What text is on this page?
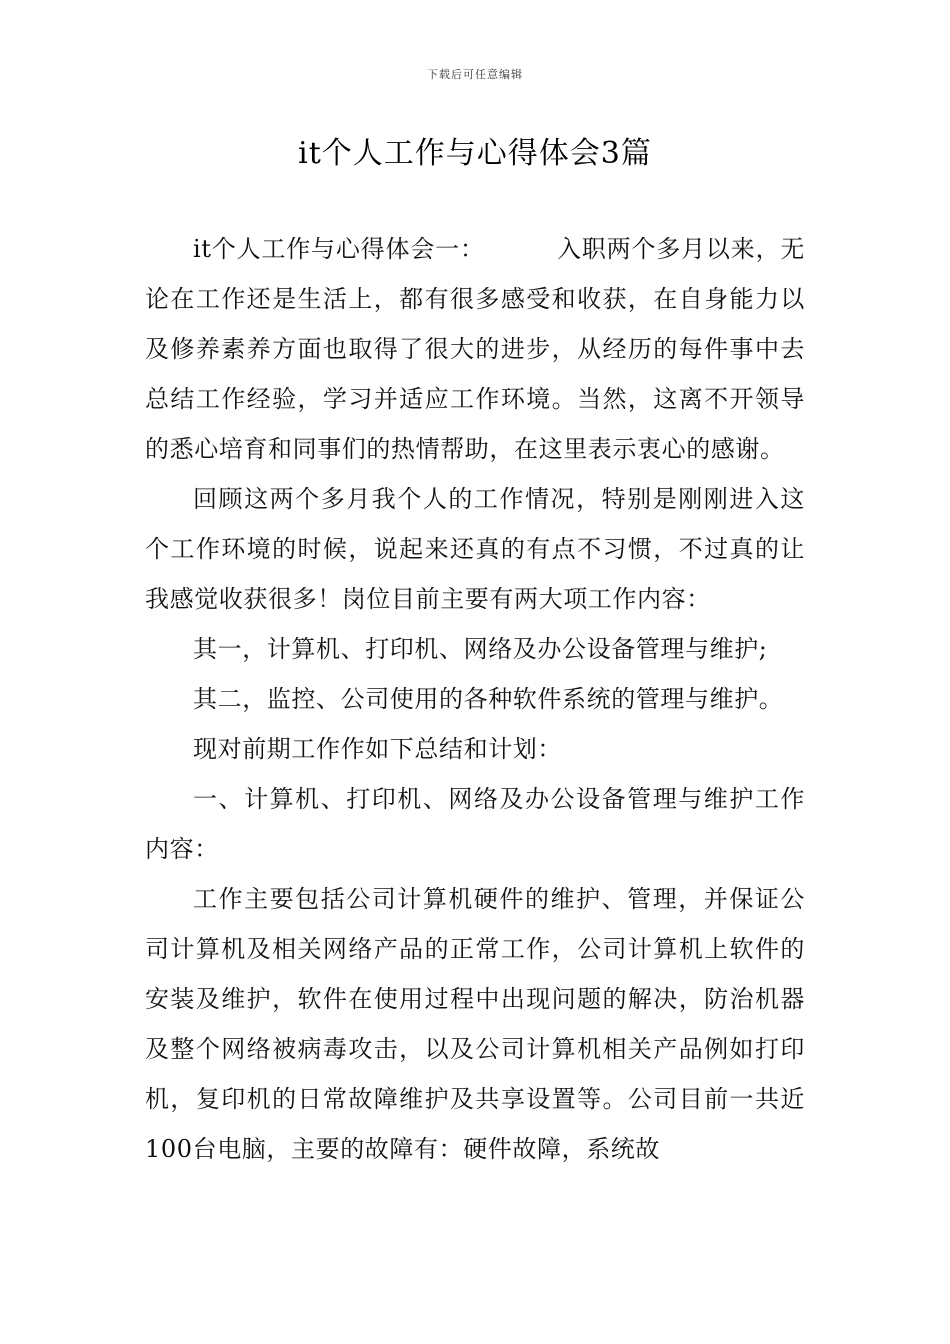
下载后可任意编辑
it个人工作与心得体会3篇

it个人工作与心得体会一：	入职两个多月以来，无论在工作还是生活上，都有很多感受和收获，在自身能力以及修养素养方面也取得了很大的进步，从经历的每件事中去总结工作经验，学习并适应工作环境。当然，这离不开领导的悉心培育和同事们的热情帮助，在这里表示衷心的感谢。

回顾这两个多月我个人的工作情况，特别是刚刚进入这个工作环境的时候，说起来还真的有点不习惯，不过真的让我感觉收获很多！岗位目前主要有两大项工作内容：

其一，计算机、打印机、网络及办公设备管理与维护;

其二，监控、公司使用的各种软件系统的管理与维护。

现对前期工作作如下总结和计划：

一、计算机、打印机、网络及办公设备管理与维护工作内容：

工作主要包括公司计算机硬件的维护、管理，并保证公司计算机及相关网络产品的正常工作，公司计算机上软件的安装及维护，软件在使用过程中出现问题的解决，防治机器及整个网络被病毒攻击，以及公司计算机相关产品例如打印机，复印机的日常故障维护及共享设置等。公司目前一共近100台电脑，主要的故障有：硬件故障，系统故
